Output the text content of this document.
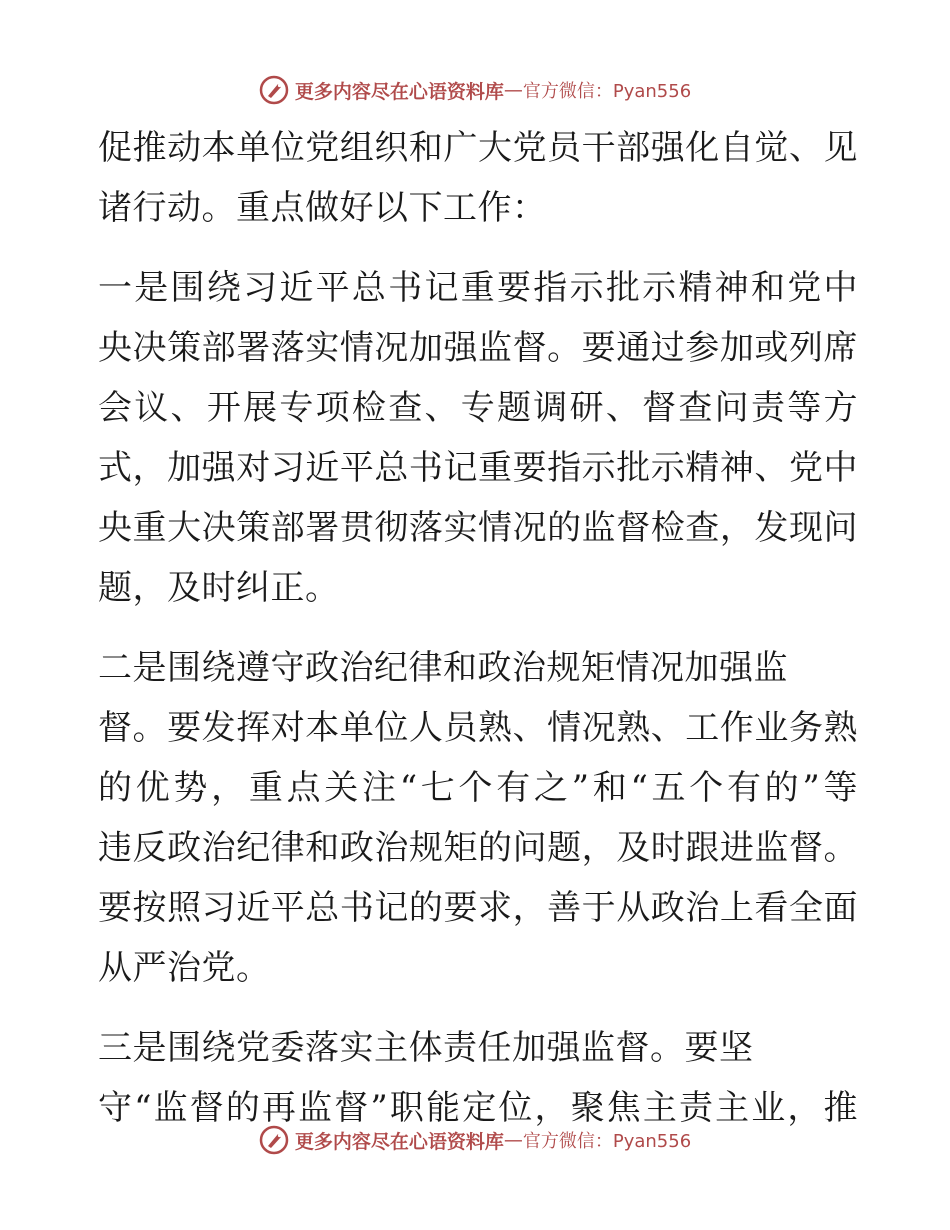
更多内容尽在心语资料库 — 官方微信：Pyan556
促推动本单位党组织和广大党员干部强化自觉、见
诸行动。重点做好以下工作：
一是围绕习近平总书记重要指示批示精神和党中
央决策部署落实情况加强监督。要通过参加或列席
会议、开展专项检查、专题调研、督查问责等方
式，加强对习近平总书记重要指示批示精神、党中
央重大决策部署贯彻落实情况的监督检查，发现问
题，及时纠正。
二是围绕遵守政治纪律和政治规矩情况加强监
督。要发挥对本单位人员熟、情况熟、工作业务熟
的优势，重点关注“七个有之”和“五个有的”等
违反政治纪律和政治规矩的问题，及时跟进监督。
要按照习近平总书记的要求，善于从政治上看全面
从严治党。
三是围绕党委落实主体责任加强监督。要坚
守“监督的再监督”职能定位，聚焦主责主业，推
更多内容尽在心语资料库 — 官方微信：Pyan556
